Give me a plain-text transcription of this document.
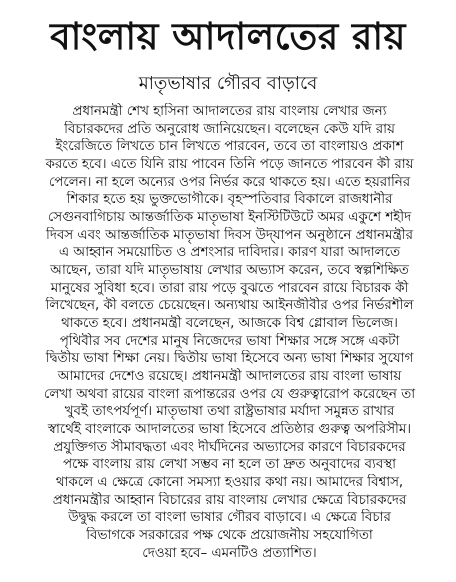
বাংলায় আদালতের রায়
মাতৃভাষার গৌরব বাড়াবে
প্রধানমন্ত্রী শেখ হাসিনা আদালতের রায় বাংলায় লেখার জন্য
বিচারকদের প্রতি অনুরোধ জানিয়েছেন। বলেছেন কেউ যদি রায়
ইংরেজিতে লিখতে চান লিখতে পারবেন, তবে তা বাংলায়ও প্রকাশ
করতে হবে। এতে যিনি রায় পাবেন তিনি পড়ে জানতে পারবেন কী রায়
পেলেন। না হলে অন্যের ওপর নির্ভর করে থাকতে হয়। এতে হয়রানির
শিকার হতে হয় ভুক্তভোগীকে। বৃহস্পতিবার বিকালে রাজধানীর
সেগুনবাগিচায় আন্তর্জাতিক মাতৃভাষা ইনস্টিটিউটে অমর একুশে শহীদ
দিবস এবং আন্তর্জাতিক মাতৃভাষা দিবস উদ্‌যাপন অনুষ্ঠানে প্রধানমন্ত্রীর
এ আহ্বান সময়োচিত ও প্রশংসার দাবিদার। কারণ যারা আদালতে
আছেন, তারা যদি মাতৃভাষায় লেখার অভ্যাস করেন, তবে স্বল্পশিক্ষিত
মানুষের সুবিধা হবে। তারা রায় পড়ে বুঝতে পারবেন রায়ে বিচারক কী
লিখেছেন, কী বলতে চেয়েছেন। অন্যথায় আইনজীবীর ওপর নির্ভরশীল
থাকতে হবে। প্রধানমন্ত্রী বলেছেন, আজকে বিশ্ব গ্লোবাল ভিলেজ।
পৃথিবীর সব দেশের মানুষ নিজেদের ভাষা শিক্ষার সঙ্গে সঙ্গে একটা
দ্বিতীয় ভাষা শিক্ষা নেয়। দ্বিতীয় ভাষা হিসেবে অন্য ভাষা শিক্ষার সুযোগ
আমাদের দেশেও রয়েছে। প্রধানমন্ত্রী আদালতের রায় বাংলা ভাষায়
লেখা অথবা রায়ের বাংলা রূপান্তরের ওপর যে গুরুত্বারোপ করেছেন তা
খুবই তাৎপর্যপূর্ণ। মাতৃভাষা তথা রাষ্ট্রভাষার মর্যাদা সমুন্নত রাখার
স্বার্থেই বাংলাকে আদালতের ভাষা হিসেবে প্রতিষ্ঠার গুরুত্ব অপরিসীম।
প্রযুক্তিগত সীমাবদ্ধতা এবং দীর্ঘদিনের অভ্যাসের কারণে বিচারকদের
পক্ষে বাংলায় রায় লেখা সম্ভব না হলে তা দ্রুত অনুবাদের ব্যবস্থা
থাকলে এ ক্ষেত্রে কোনো সমস্যা হওয়ার কথা নয়। আমাদের বিশ্বাস,
প্রধানমন্ত্রীর আহ্বান বিচারের রায় বাংলায় লেখার ক্ষেত্রে বিচারকদের
উদ্বুদ্ধ করলে তা বাংলা ভাষার গৌরব বাড়াবে। এ ক্ষেত্রে বিচার
বিভাগকে সরকারের পক্ষ থেকে প্রয়োজনীয় সহযোগিতা
দেওয়া হবে– এমনটিও প্রত্যাশিত।
